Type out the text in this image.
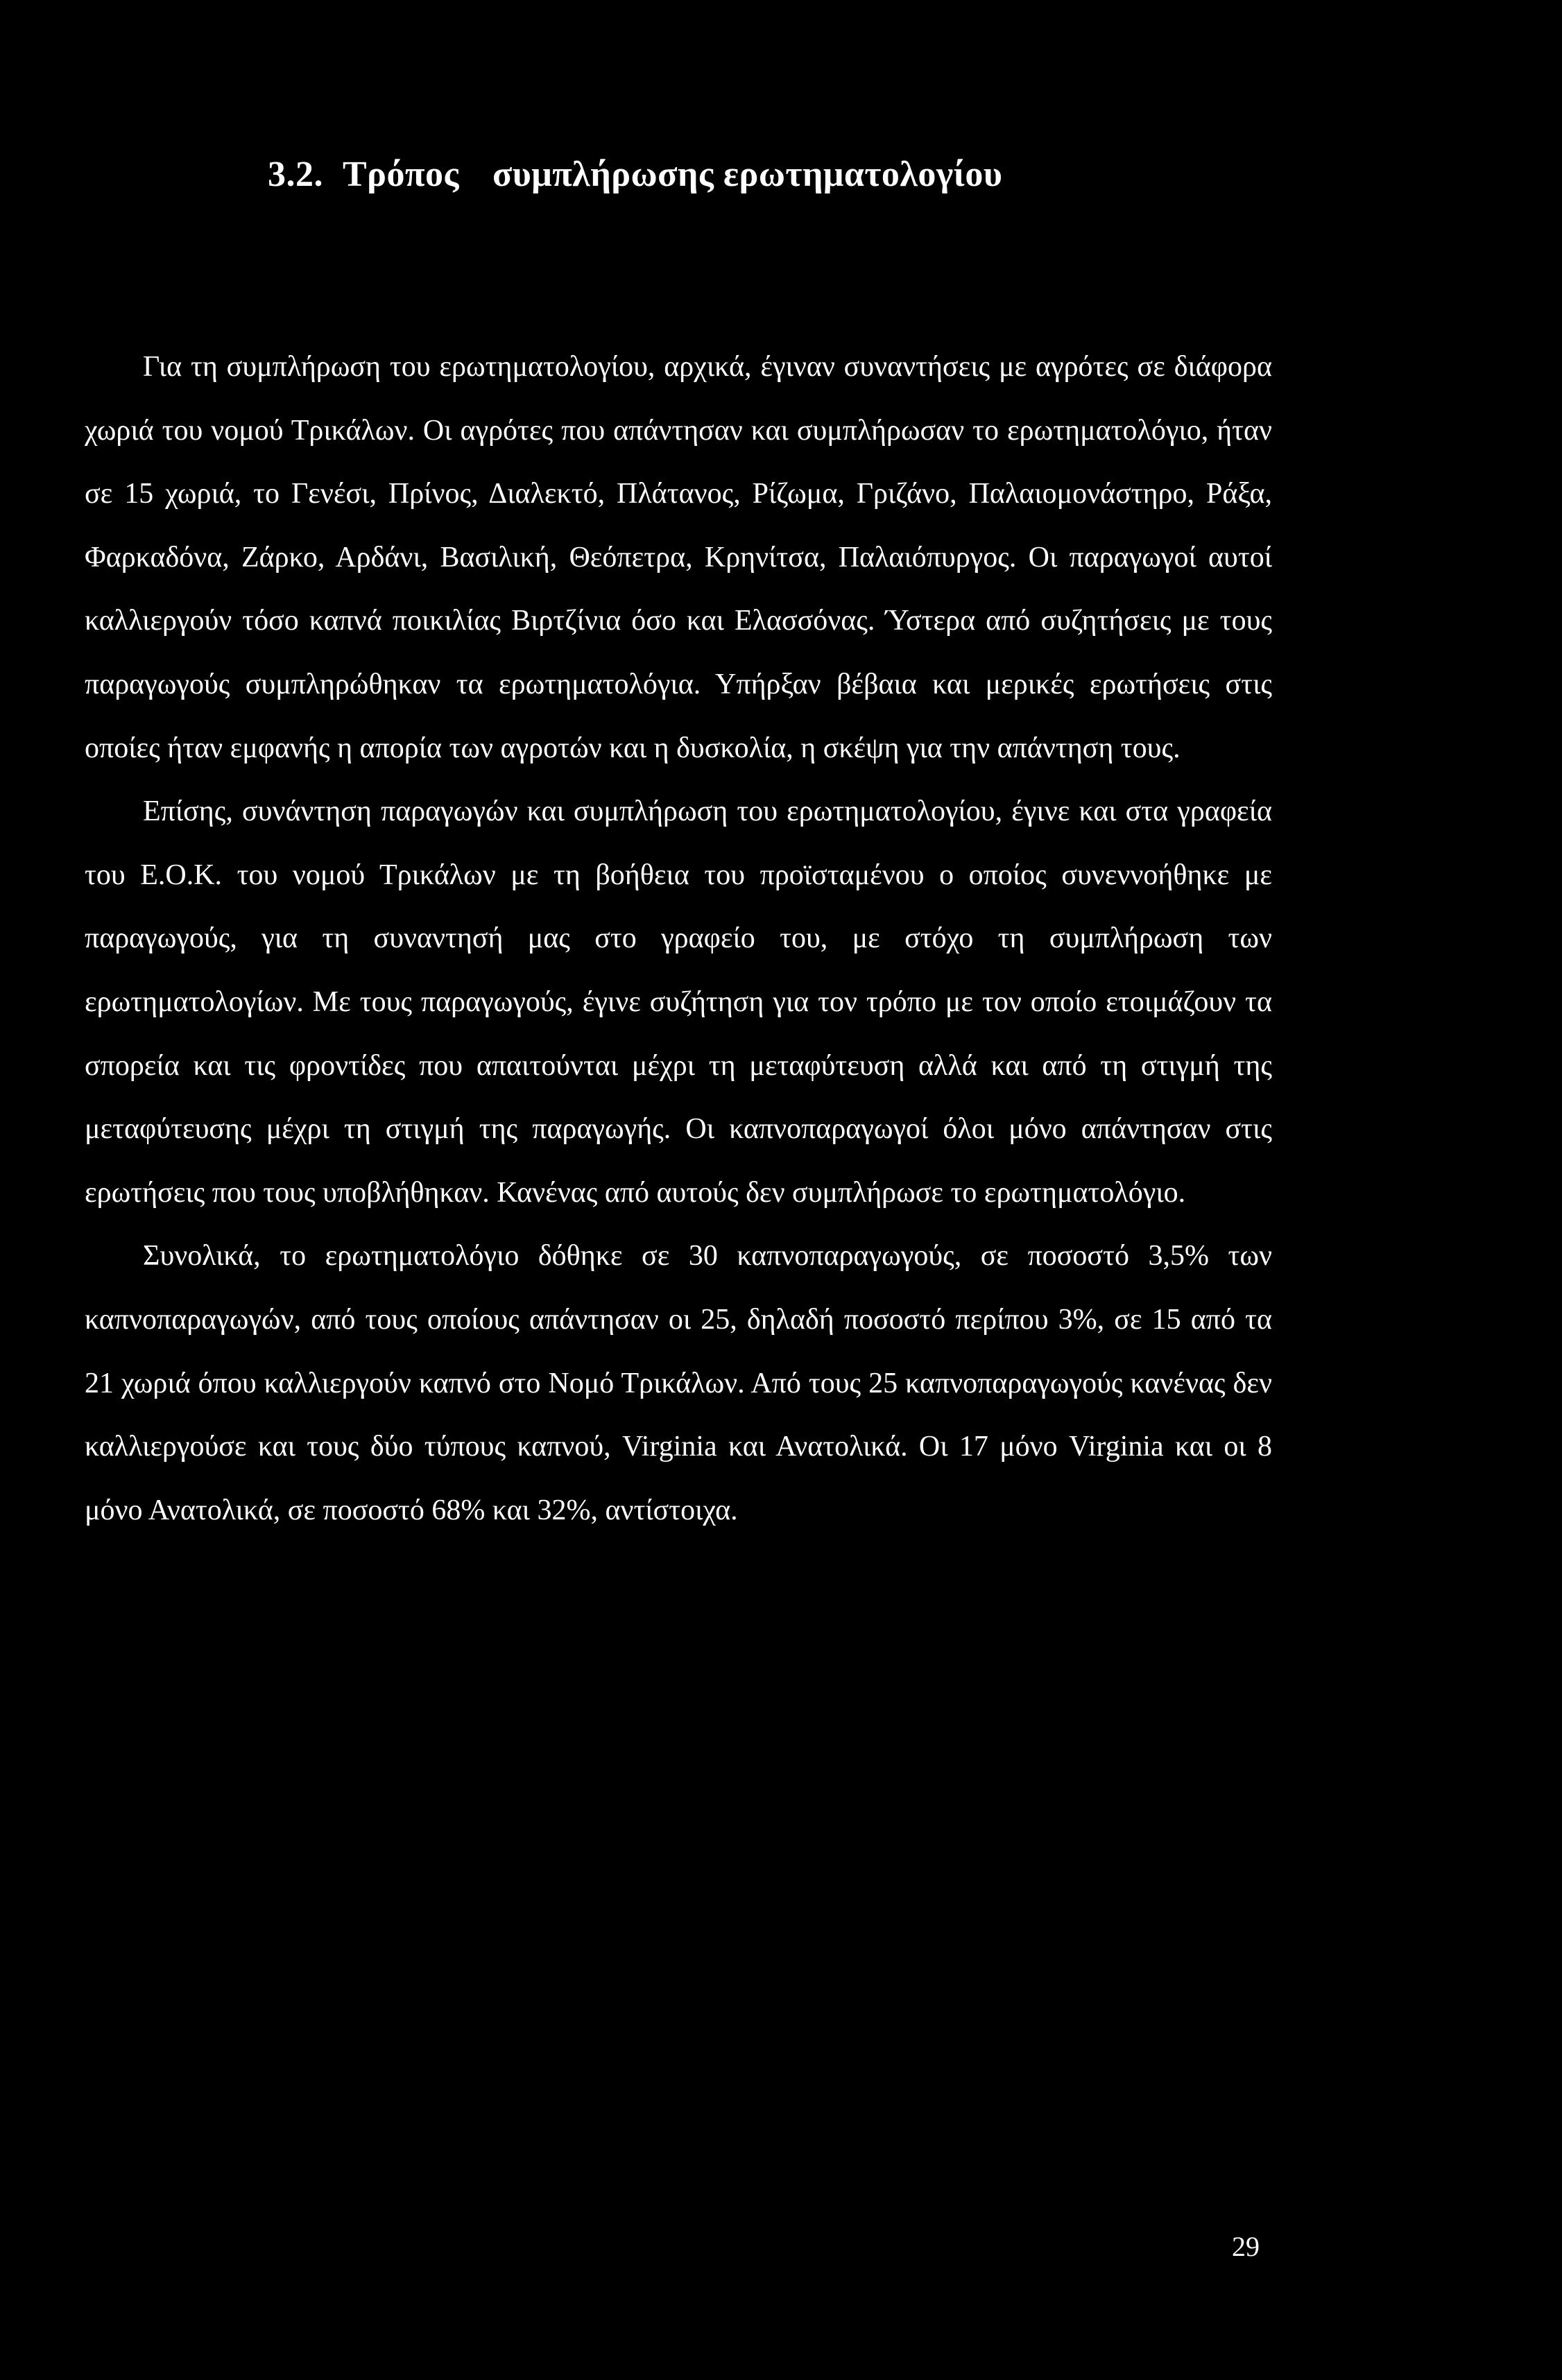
3.2. Τρόπος συμπλήρωσης ερωτηματολογίου

Για τη συμπλήρωση του ερωτηματολογίου, αρχικά, έγιναν συναντήσεις με αγρότες σε διάφορα χωριά του νομού Τρικάλων. Οι αγρότες που απάντησαν και συμπλήρωσαν το ερωτηματολόγιο, ήταν σε 15 χωριά, το Γενέσι, Πρίνος, Διαλεκτό, Πλάτανος, Ρίζωμα, Γριζάνο, Παλαιομονάστηρο, Ράξα, Φαρκαδόνα, Ζάρκο, Αρδάνι, Βασιλική, Θεόπετρα, Κρηνίτσα, Παλαιόπυργος. Οι παραγωγοί αυτοί καλλιεργούν τόσο καπνά ποικιλίας Βιρτζίνια όσο και Ελασσόνας. Ύστερα από συζητήσεις με τους παραγωγούς συμπληρώθηκαν τα ερωτηματολόγια. Υπήρξαν βέβαια και μερικές ερωτήσεις στις οποίες ήταν εμφανής η απορία των αγροτών και η δυσκολία, η σκέψη για την απάντηση τους.

Επίσης, συνάντηση παραγωγών και συμπλήρωση του ερωτηματολογίου, έγινε και στα γραφεία του Ε.Ο.Κ. του νομού Τρικάλων με τη βοήθεια του προϊσταμένου ο οποίος συνεννοήθηκε με παραγωγούς, για τη συναντησή μας στο γραφείο του, με στόχο τη συμπλήρωση των ερωτηματολογίων. Με τους παραγωγούς, έγινε συζήτηση για τον τρόπο με τον οποίο ετοιμάζουν τα σπορεία και τις φροντίδες που απαιτούνται μέχρι τη μεταφύτευση αλλά και από τη στιγμή της μεταφύτευσης μέχρι τη στιγμή της παραγωγής. Οι καπνοπαραγωγοί όλοι μόνο απάντησαν στις ερωτήσεις που τους υποβλήθηκαν. Κανένας από αυτούς δεν συμπλήρωσε το ερωτηματολόγιο.

Συνολικά, το ερωτηματολόγιο δόθηκε σε 30 καπνοπαραγωγούς, σε ποσοστό 3,5% των καπνοπαραγωγών, από τους οποίους απάντησαν οι 25, δηλαδή ποσοστό περίπου 3%, σε 15 από τα 21 χωριά όπου καλλιεργούν καπνό στο Νομό Τρικάλων. Από τους 25 καπνοπαραγωγούς κανένας δεν καλλιεργούσε και τους δύο τύπους καπνού, Virginia και Ανατολικά. Οι 17 μόνο Virginia και οι 8 μόνο Ανατολικά, σε ποσοστό 68% και 32%, αντίστοιχα.

29
